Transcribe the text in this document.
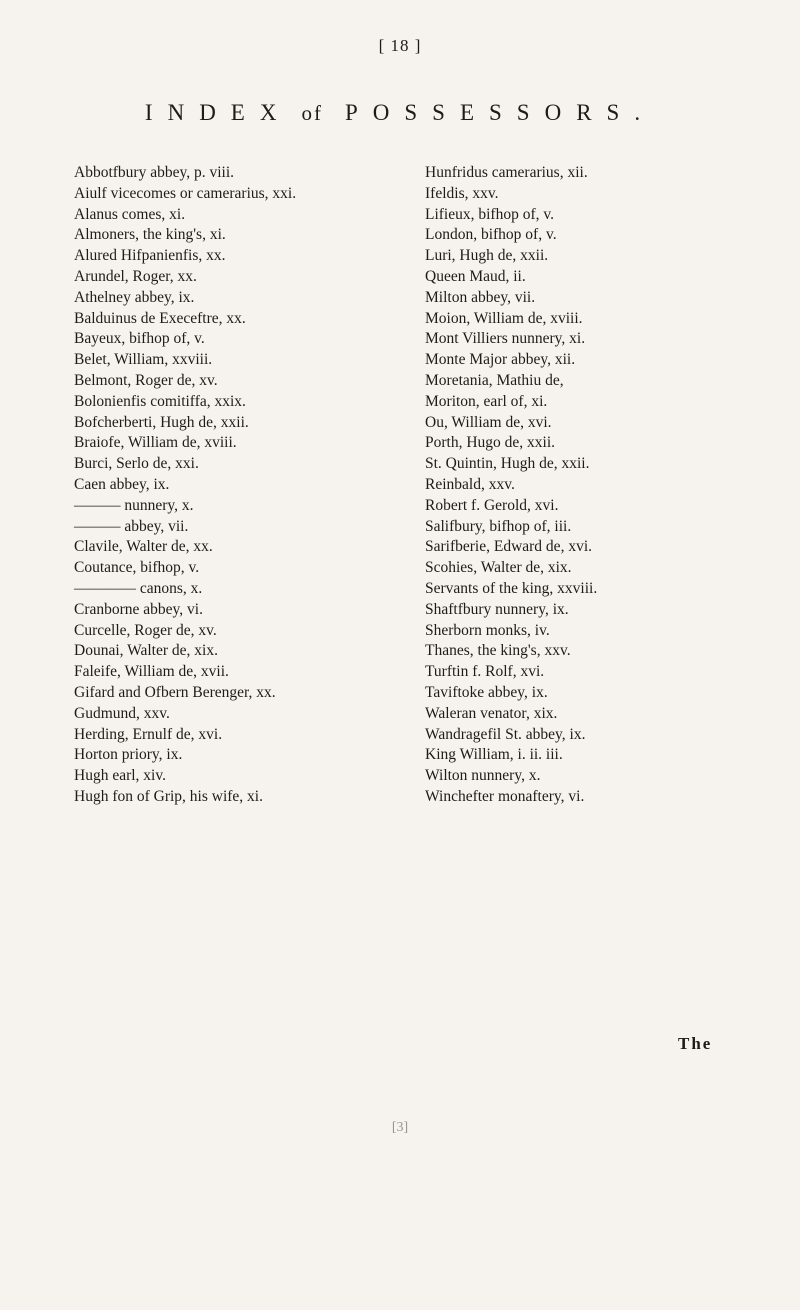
[ 18 ]
INDEX of POSSESSORS.
Abbotfbury abbey, p. viii.
Aiulf vicecomes or camerarius, xxi.
Alanus comes, xi.
Almoners, the king's, xi.
Alured Hifpanienfis, xx.
Arundel, Roger, xx.
Athelney abbey, ix.
Balduinus de Execeftre, xx.
Bayeux, bifhop of, v.
Belet, William, xxviii.
Belmont, Roger de, xv.
Bolonienfis comitiffa, xxix.
Bofcherberti, Hugh de, xxii.
Braiofe, William de, xviii.
Burci, Serlo de, xxi.
Caen abbey, ix.
——— nunnery, x.
——— abbey, vii.
Clavile, Walter de, xx.
Coutance, bifhop, v.
———— canons, x.
Cranborne abbey, vi.
Curcelle, Roger de, xv.
Dounai, Walter de, xix.
Faleife, William de, xvii.
Gifard and Ofbern Berenger, xx.
Gudmund, xxv.
Herding, Ernulf de, xvi.
Horton priory, ix.
Hugh earl, xiv.
Hugh fon of Grip, his wife, xi.
Hunfridus camerarius, xii.
Ifeldis, xxv.
Lifieux, bifhop of, v.
London, bifhop of, v.
Luri, Hugh de, xxii.
Queen Maud, ii.
Milton abbey, vii.
Moion, William de, xviii.
Mont Villiers nunnery, xi.
Monte Major abbey, xii.
Moretania, Mathiu de,
Moriton, earl of, xi.
Ou, William de, xvi.
Porth, Hugo de, xxii.
St. Quintin, Hugh de, xxii.
Reinbald, xxv.
Robert f. Gerold, xvi.
Salifbury, bifhop of, iii.
Sarifberie, Edward de, xvi.
Scohies, Walter de, xix.
Servants of the king, xxviii.
Shaftfbury nunnery, ix.
Sherborn monks, iv.
Thanes, the king's, xxv.
Turftin f. Rolf, xvi.
Taviftoke abbey, ix.
Waleran venator, xix.
Wandragefil St. abbey, ix.
King William, i. ii. iii.
Wilton nunnery, x.
Winchefter monaftery, vi.
The
[3]
